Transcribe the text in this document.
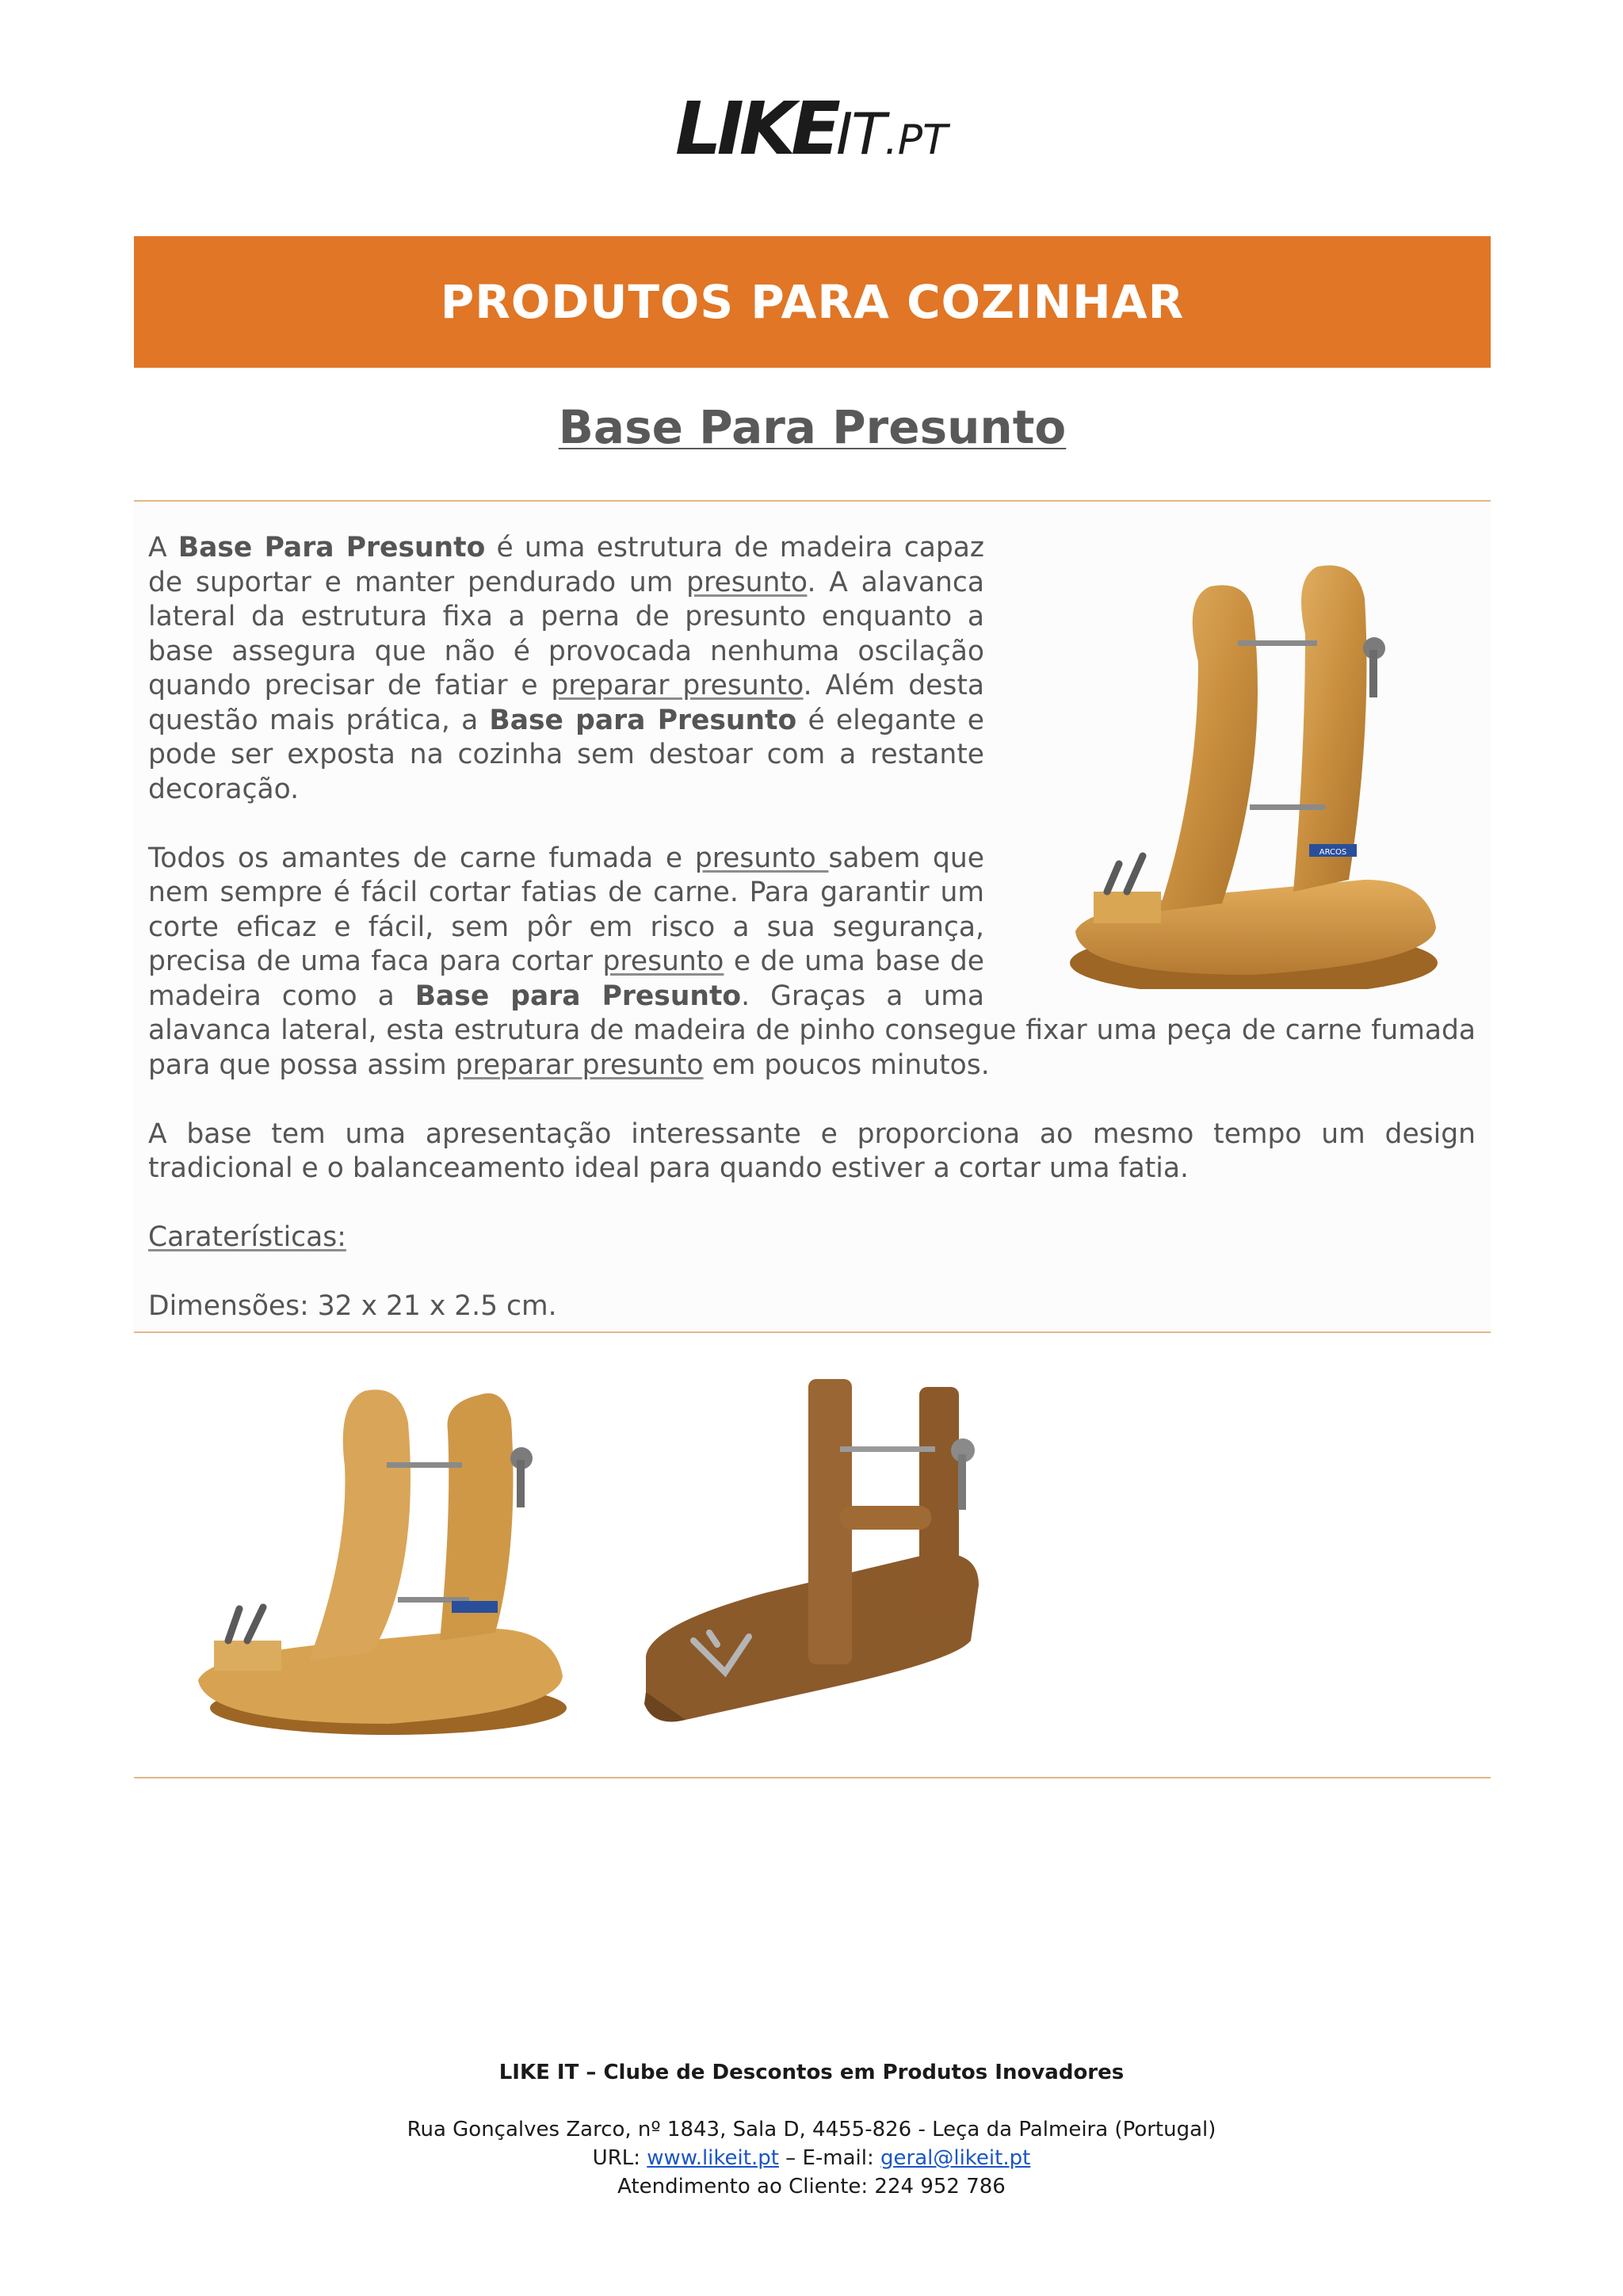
LIKEIT.PT
PRODUTOS PARA COZINHAR
Base Para Presunto
ARCOS

A Base Para Presunto é uma estrutura de madeira capaz de suportar e manter pendurado um presunto. A alavanca lateral da estrutura fixa a perna de presunto enquanto a base assegura que não é provocada nenhuma oscilação quando precisar de fatiar e preparar presunto. Além desta questão mais prática, a Base para Presunto é elegante e pode ser exposta na cozinha sem destoar com a restante decoração.

Todos os amantes de carne fumada e presunto sabem que nem sempre é fácil cortar fatias de carne. Para garantir um corte eficaz e fácil, sem pôr em risco a sua segurança, precisa de uma faca para cortar presunto e de uma base de madeira como a Base para Presunto. Graças a uma alavanca lateral, esta estrutura de madeira de pinho consegue fixar uma peça de carne fumada para que possa assim preparar presunto em poucos minutos.

A base tem uma apresentação interessante e proporciona ao mesmo tempo um design tradicional e o balanceamento ideal para quando estiver a cortar uma fatia.

Caraterísticas:

Dimensões: 32 x 21 x 2.5 cm.

LIKE IT – Clube de Descontos em Produtos Inovadores
Rua Gonçalves Zarco, nº 1843, Sala D, 4455-826 - Leça da Palmeira (Portugal)
URL: www.likeit.pt – E-mail: geral@likeit.pt
Atendimento ao Cliente: 224 952 786
